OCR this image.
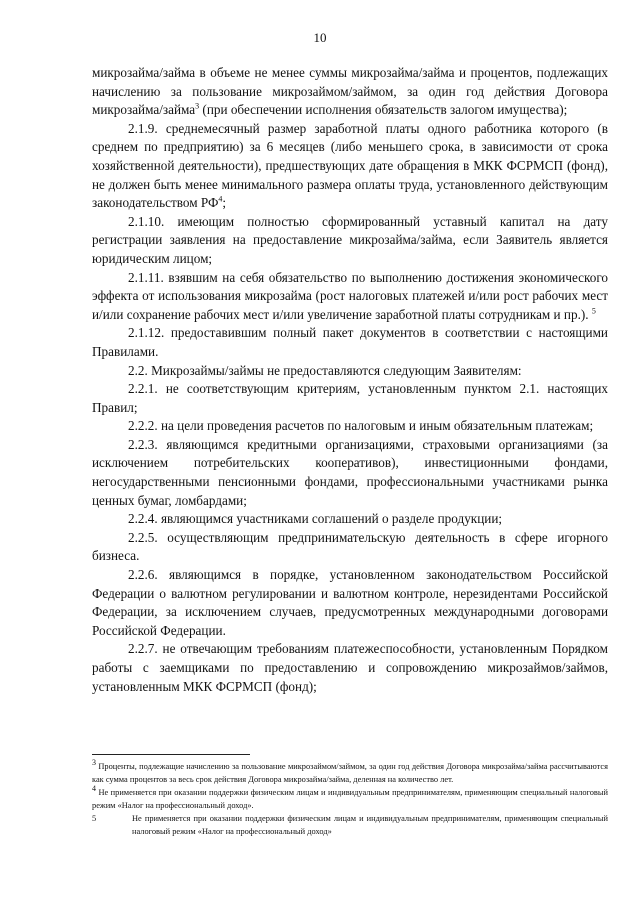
10

микрозайма/займа в объеме не менее суммы микрозайма/займа и процентов, подлежащих начислению за пользование микрозаймом/займом, за один год действия Договора микрозайма/займа$^3$ (при обеспечении исполнения обязательств залогом имущества);

2.1.9. среднемесячный размер заработной платы одного работника которого (в среднем по предприятию) за 6 месяцев (либо меньшего срока, в зависимости от срока хозяйственной деятельности), предшествующих дате обращения в МКК ФСРМСП (фонд), не должен быть менее минимального размера оплаты труда, установленного действующим законодательством $РФ^4$;

2.1.10. имеющим полностью сформированный уставный капитал на дату регистрации заявления на предоставление микрозайма/займа, если Заявитель является юридическим лицом;

2.1.11. взявшим на себя обязательство по выполнению достижения экономического эффекта от использования микрозайма (рост налоговых платежей и/или рост рабочих мест и/или сохранение рабочих мест и/или увеличение заработной платы сотрудникам и пр.). $^5$

2.1.12. предоставившим полный пакет документов в соответствии с настоящими Правилами.

2.2. Микрозаймы/займы не предоставляются следующим Заявителям:

2.2.1. не соответствующим критериям, установленным пунктом 2.1. настоящих Правил;

2.2.2. на цели проведения расчетов по налоговым и иным обязательным платежам;

2.2.3. являющимся кредитными организациями, страховыми организациями (за исключением потребительских кооперативов), инвестиционными фондами, негосударственными пенсионными фондами, профессиональными участниками рынка ценных бумаг, ломбардами;

2.2.4. являющимся участниками соглашений о разделе продукции;

2.2.5. осуществляющим предпринимательскую деятельность в сфере игорного бизнеса.

2.2.6. являющимся в порядке, установленном законодательством Российской Федерации о валютном регулировании и валютном контроле, нерезидентами Российской Федерации, за исключением случаев, предусмотренных международными договорами Российской Федерации.

2.2.7. не отвечающим требованиям платежеспособности, установленным Порядком работы с заемщиками по предоставлению и сопровождению микрозаймов/займов, установленным МКК ФСРМСП (фонд);

$^3$ Проценты, подлежащие начислению за пользование микрозаймом/займом, за один год действия Договора микрозайма/займа рассчитываются как сумма процентов за весь срок действия Договора микрозайма/займа, деленная на количество лет.

$^4$ Не применяется при оказании поддержки физическим лицам и индивидуальным предпринимателям, применяющим специальный налоговый режим «Налог на профессиональный доход».

5	Не применяется при оказании поддержки физическим лицам и индивидуальным предпринимателям, применяющим специальный налоговый режим «Налог на профессиональный доход»
